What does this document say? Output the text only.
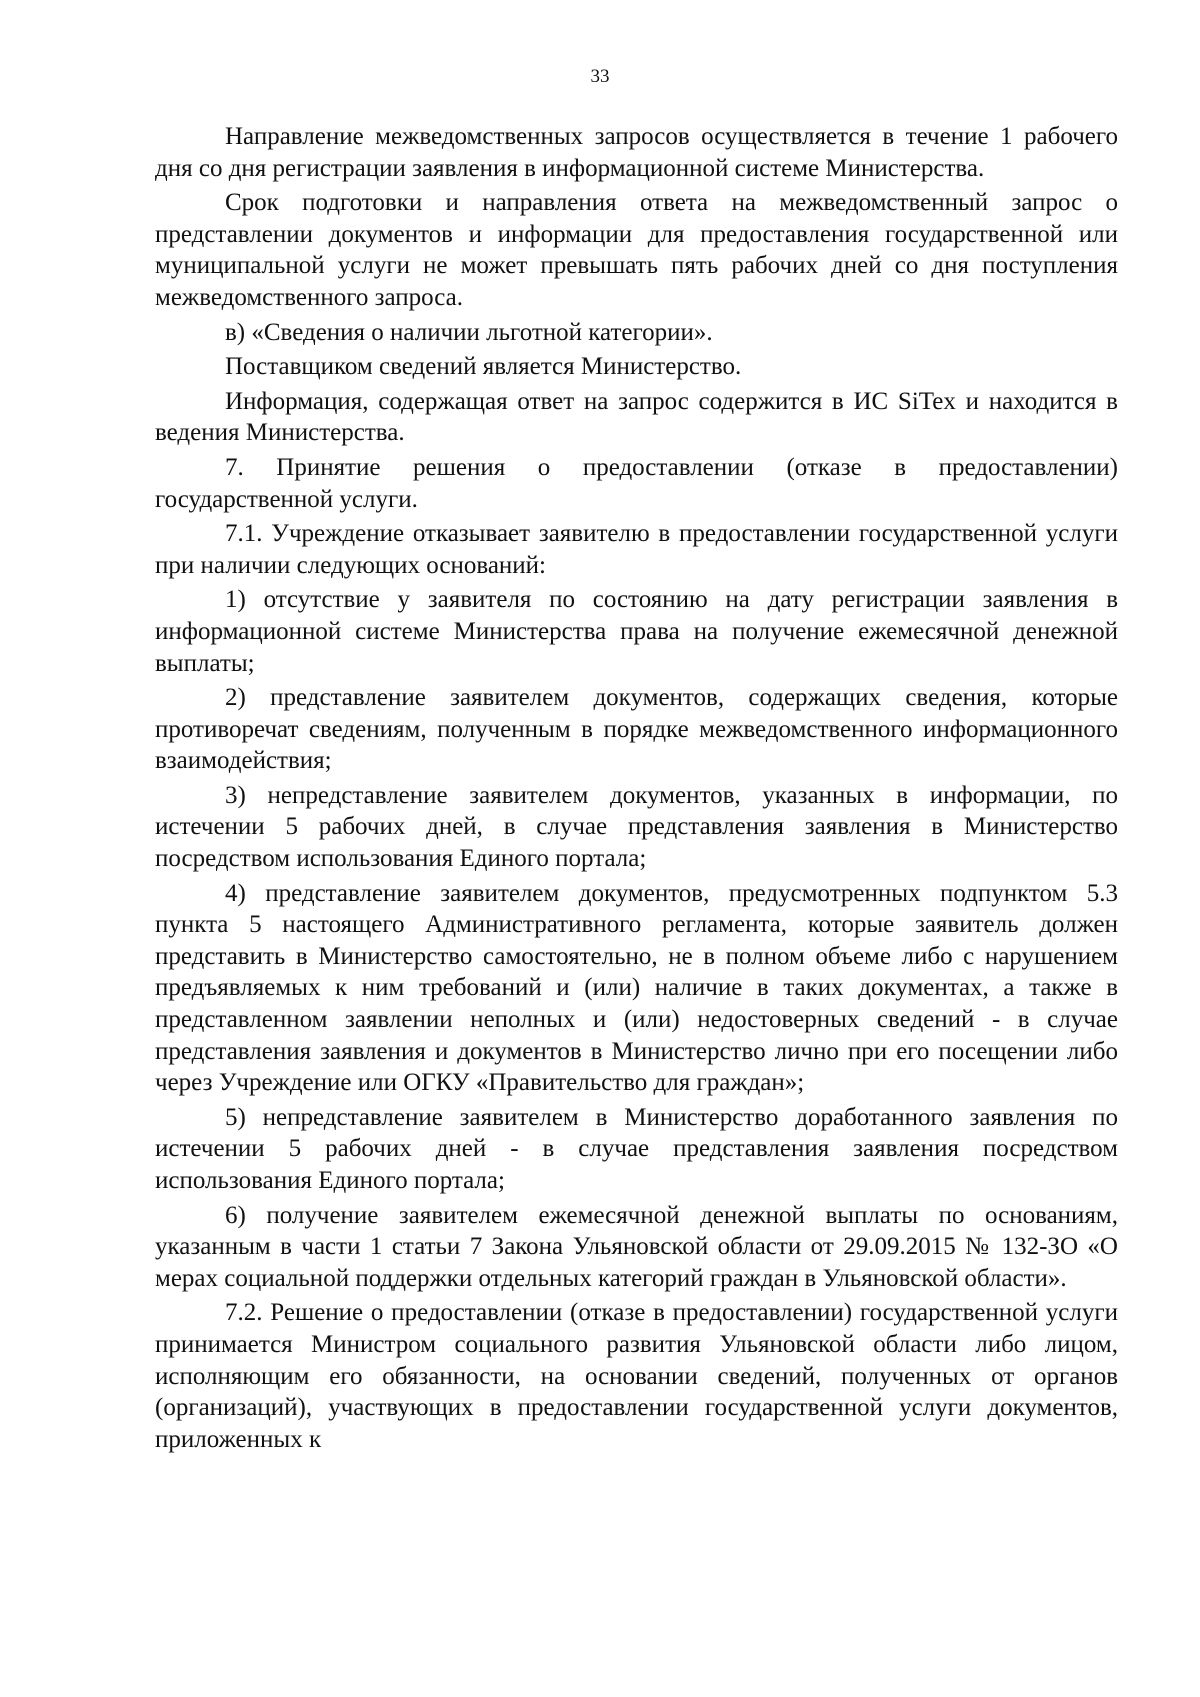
33

Направление межведомственных запросов осуществляется в течение 1 рабочего дня со дня регистрации заявления в информационной системе Министерства.

Срок подготовки и направления ответа на межведомственный запрос о представлении документов и информации для предоставления государственной или муниципальной услуги не может превышать пять рабочих дней со дня поступления межведомственного запроса.

в) «Сведения о наличии льготной категории».

Поставщиком сведений является Министерство.

Информация, содержащая ответ на запрос содержится в ИС SiTex и находится в ведения Министерства.

7. Принятие решения о предоставлении (отказе в предоставлении) государственной услуги.

7.1. Учреждение отказывает заявителю в предоставлении государственной услуги при наличии следующих оснований:

1) отсутствие у заявителя по состоянию на дату регистрации заявления в информационной системе Министерства права на получение ежемесячной денежной выплаты;

2) представление заявителем документов, содержащих сведения, которые противоречат сведениям, полученным в порядке межведомственного информационного взаимодействия;

3) непредставление заявителем документов, указанных в информации, по истечении 5 рабочих дней, в случае представления заявления в Министерство посредством использования Единого портала;

4) представление заявителем документов, предусмотренных подпунктом 5.3 пункта 5 настоящего Административного регламента, которые заявитель должен представить в Министерство самостоятельно, не в полном объеме либо с нарушением предъявляемых к ним требований и (или) наличие в таких документах, а также в представленном заявлении неполных и (или) недостоверных сведений - в случае представления заявления и документов в Министерство лично при его посещении либо через Учреждение или ОГКУ «Правительство для граждан»;

5) непредставление заявителем в Министерство доработанного заявления по истечении 5 рабочих дней - в случае представления заявления посредством использования Единого портала;

6) получение заявителем ежемесячной денежной выплаты по основаниям, указанным в части 1 статьи 7 Закона Ульяновской области от 29.09.2015 № 132-ЗО «О мерах социальной поддержки отдельных категорий граждан в Ульяновской области».

7.2. Решение о предоставлении (отказе в предоставлении) государственной услуги принимается Министром социального развития Ульяновской области либо лицом, исполняющим его обязанности, на основании сведений, полученных от органов (организаций), участвующих в предоставлении государственной услуги документов, приложенных к
